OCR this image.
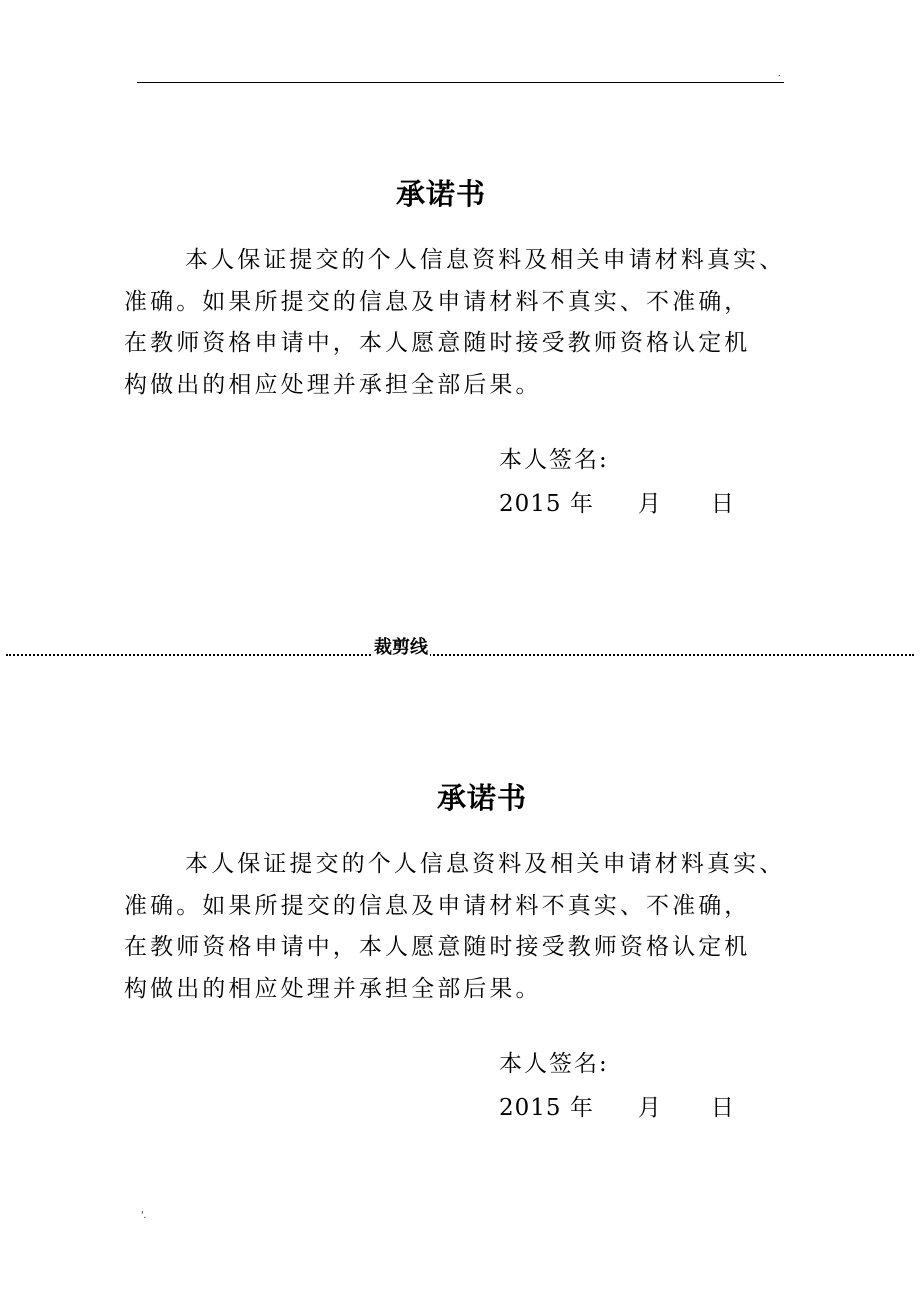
.
承诺书
本人保证提交的个人信息资料及相关申请材料真实、
准确。如果所提交的信息及申请材料不真实、不准确，
在教师资格申请中，本人愿意随时接受教师资格认定机
构做出的相应处理并承担全部后果。
本人签名:
2015 年 月 日
裁剪线
承诺书
本人保证提交的个人信息资料及相关申请材料真实、
准确。如果所提交的信息及申请材料不真实、不准确，
在教师资格申请中，本人愿意随时接受教师资格认定机
构做出的相应处理并承担全部后果。
本人签名:
2015 年 月 日
'.
